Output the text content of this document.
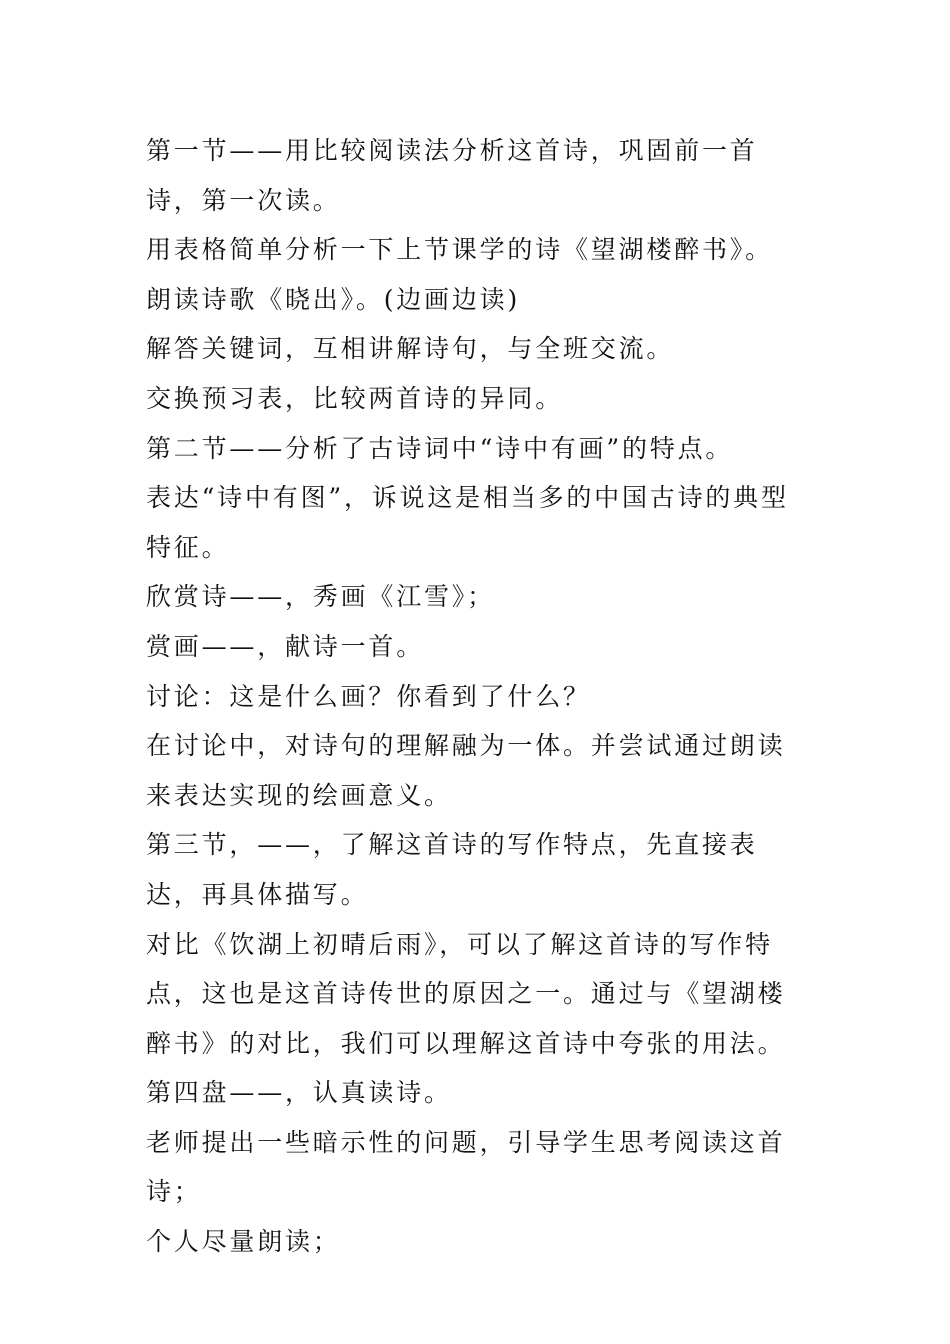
第一节——用比较阅读法分析这首诗，巩固前一首诗，第一次读。

用表格简单分析一下上节课学的诗《望湖楼醉书》。

朗读诗歌《晓出》。(边画边读)

解答关键词，互相讲解诗句，与全班交流。

交换预习表，比较两首诗的异同。

第二节——分析了古诗词中“诗中有画”的特点。

表达“诗中有图”，诉说这是相当多的中国古诗的典型特征。

欣赏诗——，秀画《江雪》；

赏画——，献诗一首。

讨论：这是什么画？你看到了什么？

在讨论中，对诗句的理解融为一体。并尝试通过朗读来表达实现的绘画意义。

第三节，——，了解这首诗的写作特点，先直接表达，再具体描写。

对比《饮湖上初晴后雨》，可以了解这首诗的写作特点，这也是这首诗传世的原因之一。通过与《望湖楼醉书》的对比，我们可以理解这首诗中夸张的用法。

第四盘——，认真读诗。

老师提出一些暗示性的问题，引导学生思考阅读这首诗；

个人尽量朗读；
